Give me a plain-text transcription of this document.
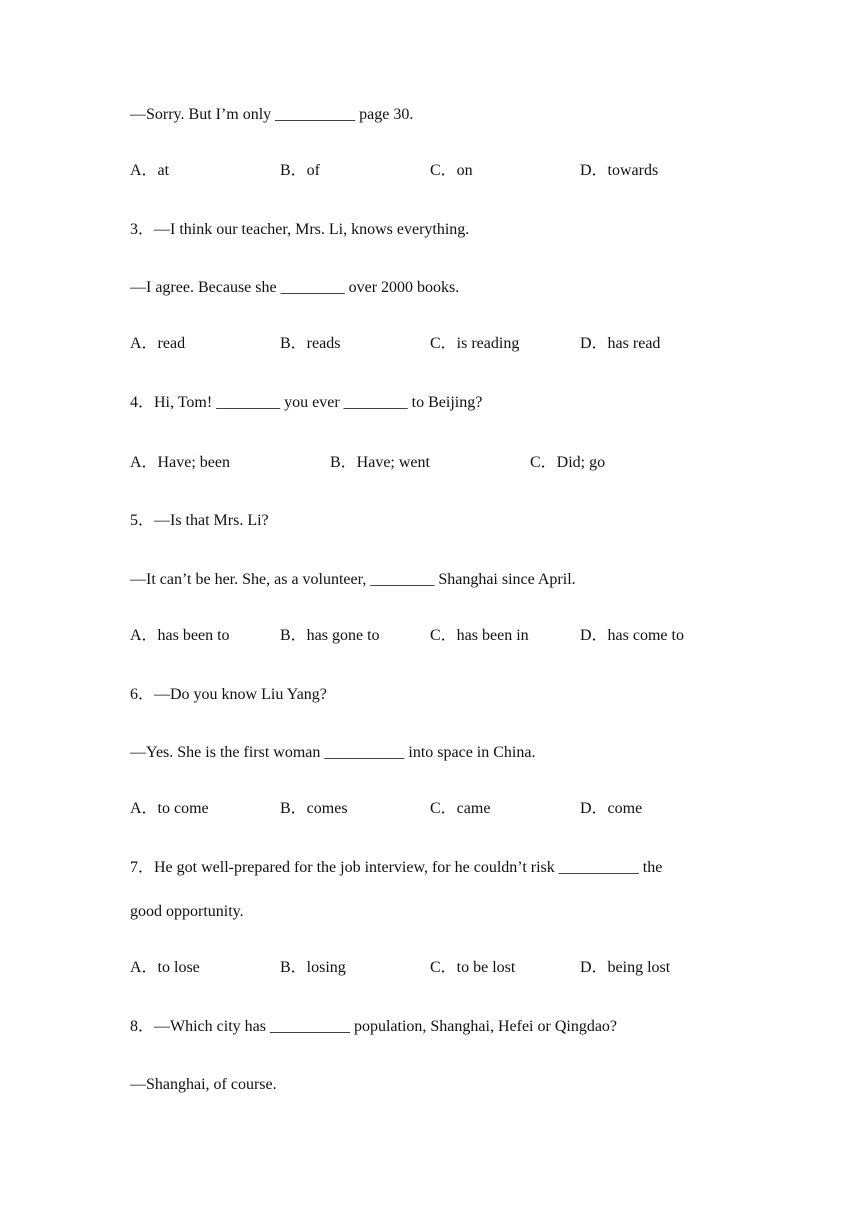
—Sorry. But I’m only __________ page 30.
A．at	B．of	C．on	D．towards
3．—I think our teacher, Mrs. Li, knows everything.
—I agree. Because she ________ over 2000 books.
A．read	B．reads	C．is reading	D．has read
4．Hi, Tom! ________ you ever ________ to Beijing?
A．Have; been	B．Have; went	C．Did; go
5．—Is that Mrs. Li?
—It can’t be her. She, as a volunteer, ________ Shanghai since April.
A．has been to	B．has gone to	C．has been in	D．has come to
6．—Do you know Liu Yang?
—Yes. She is the first woman __________ into space in China.
A．to come	B．comes	C．came	D．come
7．He got well-prepared for the job interview, for he couldn’t risk __________ the
good opportunity.
A．to lose	B．losing	C．to be lost	D．being lost
8．—Which city has __________ population, Shanghai, Hefei or Qingdao?
—Shanghai, of course.
